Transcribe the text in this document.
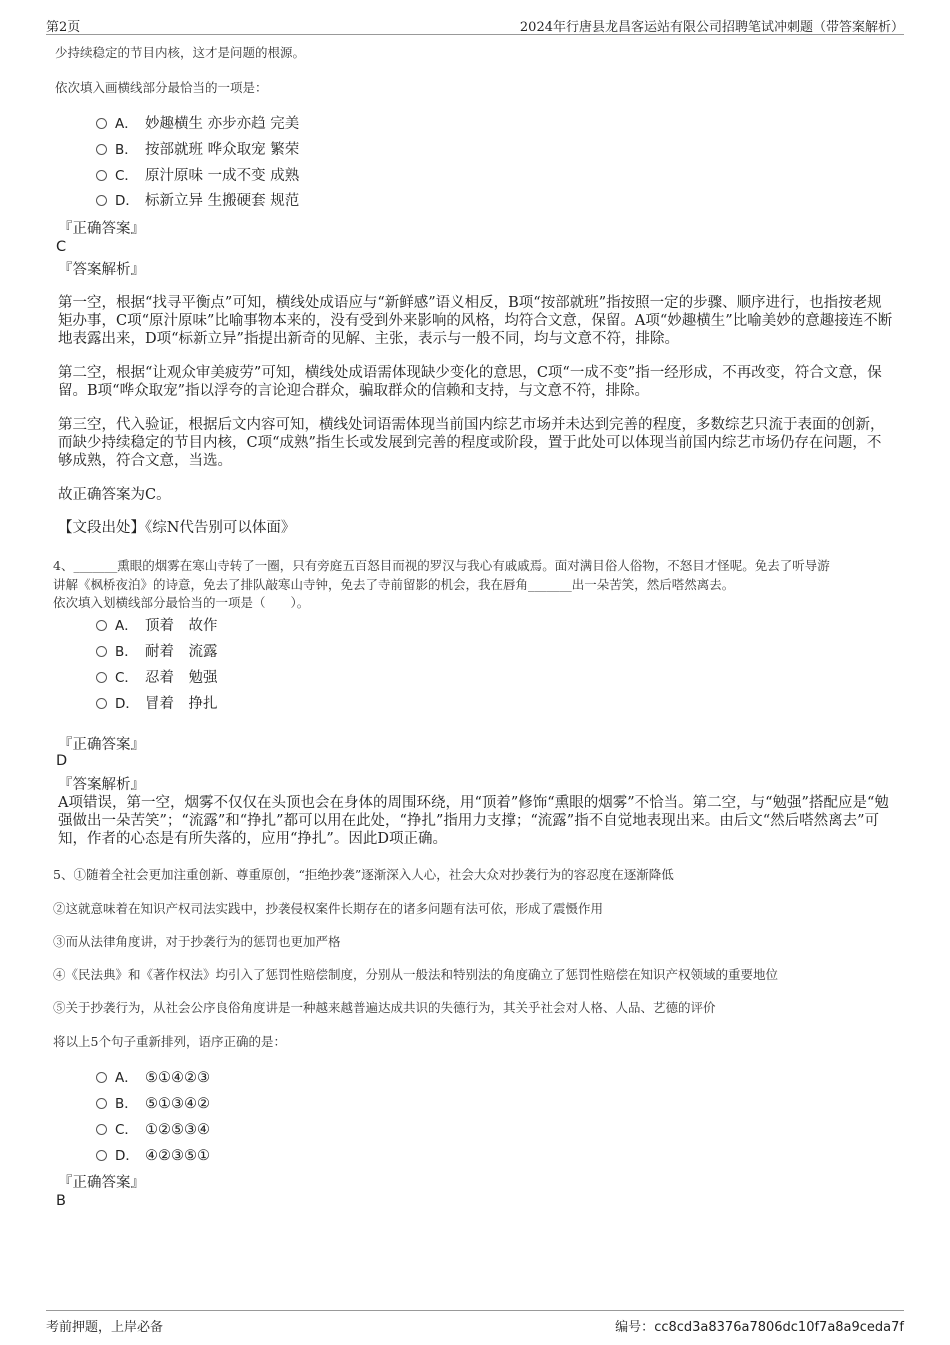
第2页	2024年行唐县龙昌客运站有限公司招聘笔试冲刺题（带答案解析）
少持续稳定的节目内核，这才是问题的根源。
依次填入画横线部分最恰当的一项是：
A． 妙趣横生 亦步亦趋 完美
B． 按部就班 哗众取宠 繁荣
C． 原汁原味 一成不变 成熟
D． 标新立异 生搬硬套 规范
『正确答案』
C
『答案解析』
第一空，根据“找寻平衡点”可知，横线处成语应与“新鲜感”语义相反，B项“按部就班”指按照一定的步骤、顺序进行，也指按老规矩办事，C项“原汁原味”比喻事物本来的，没有受到外来影响的风格，均符合文意，保留。A项“妙趣横生”比喻美妙的意趣接连不断地表露出来，D项“标新立异”指提出新奇的见解、主张，表示与一般不同，均与文意不符，排除。
第二空，根据“让观众审美疲劳”可知，横线处成语需体现缺少变化的意思，C项“一成不变”指一经形成，不再改变，符合文意，保留。B项“哗众取宠”指以浮夸的言论迎合群众，骗取群众的信赖和支持，与文意不符，排除。
第三空，代入验证，根据后文内容可知，横线处词语需体现当前国内综艺市场并未达到完善的程度，多数综艺只流于表面的创新，而缺少持续稳定的节目内核，C项“成熟”指生长或发展到完善的程度或阶段，置于此处可以体现当前国内综艺市场仍存在问题，不够成熟，符合文意，当选。
故正确答案为C。
【文段出处】《综N代告别可以体面》
4、_______熏眼的烟雾在寒山寺转了一圈，只有旁庭五百怒目而视的罗汉与我心有戚戚焉。面对满目俗人俗物，不怒目才怪呢。免去了听导游
讲解《枫桥夜泊》的诗意，免去了排队敲寒山寺钟，免去了寺前留影的机会，我在唇角_______出一朵苦笑，然后嗒然离去。
依次填入划横线部分最恰当的一项是（　　）。
A． 顶着　故作
B． 耐着　流露
C． 忍着　勉强
D． 冒着　挣扎
『正确答案』
D
『答案解析』
A项错误，第一空，烟雾不仅仅在头顶也会在身体的周围环绕，用“顶着”修饰“熏眼的烟雾”不恰当。第二空，与“勉强”搭配应是“勉强做出一朵苦笑”；“流露”和“挣扎”都可以用在此处，“挣扎”指用力支撑；“流露”指不自觉地表现出来。由后文“然后嗒然离去”可知，作者的心态是有所失落的，应用“挣扎”。因此D项正确。
5、①随着全社会更加注重创新、尊重原创，“拒绝抄袭”逐渐深入人心，社会大众对抄袭行为的容忍度在逐渐降低
②这就意味着在知识产权司法实践中，抄袭侵权案件长期存在的诸多问题有法可依，形成了震慑作用
③而从法律角度讲，对于抄袭行为的惩罚也更加严格
④《民法典》和《著作权法》均引入了惩罚性赔偿制度，分别从一般法和特别法的角度确立了惩罚性赔偿在知识产权领域的重要地位
⑤关于抄袭行为，从社会公序良俗角度讲是一种越来越普遍达成共识的失德行为，其关乎社会对人格、人品、艺德的评价
将以上5个句子重新排列，语序正确的是：
A． ⑤①④②③
B． ⑤①③④②
C． ①②⑤③④
D． ④②③⑤①
『正确答案』
B
考前押题，上岸必备	编号：cc8cd3a8376a7806dc10f7a8a9ceda7f
